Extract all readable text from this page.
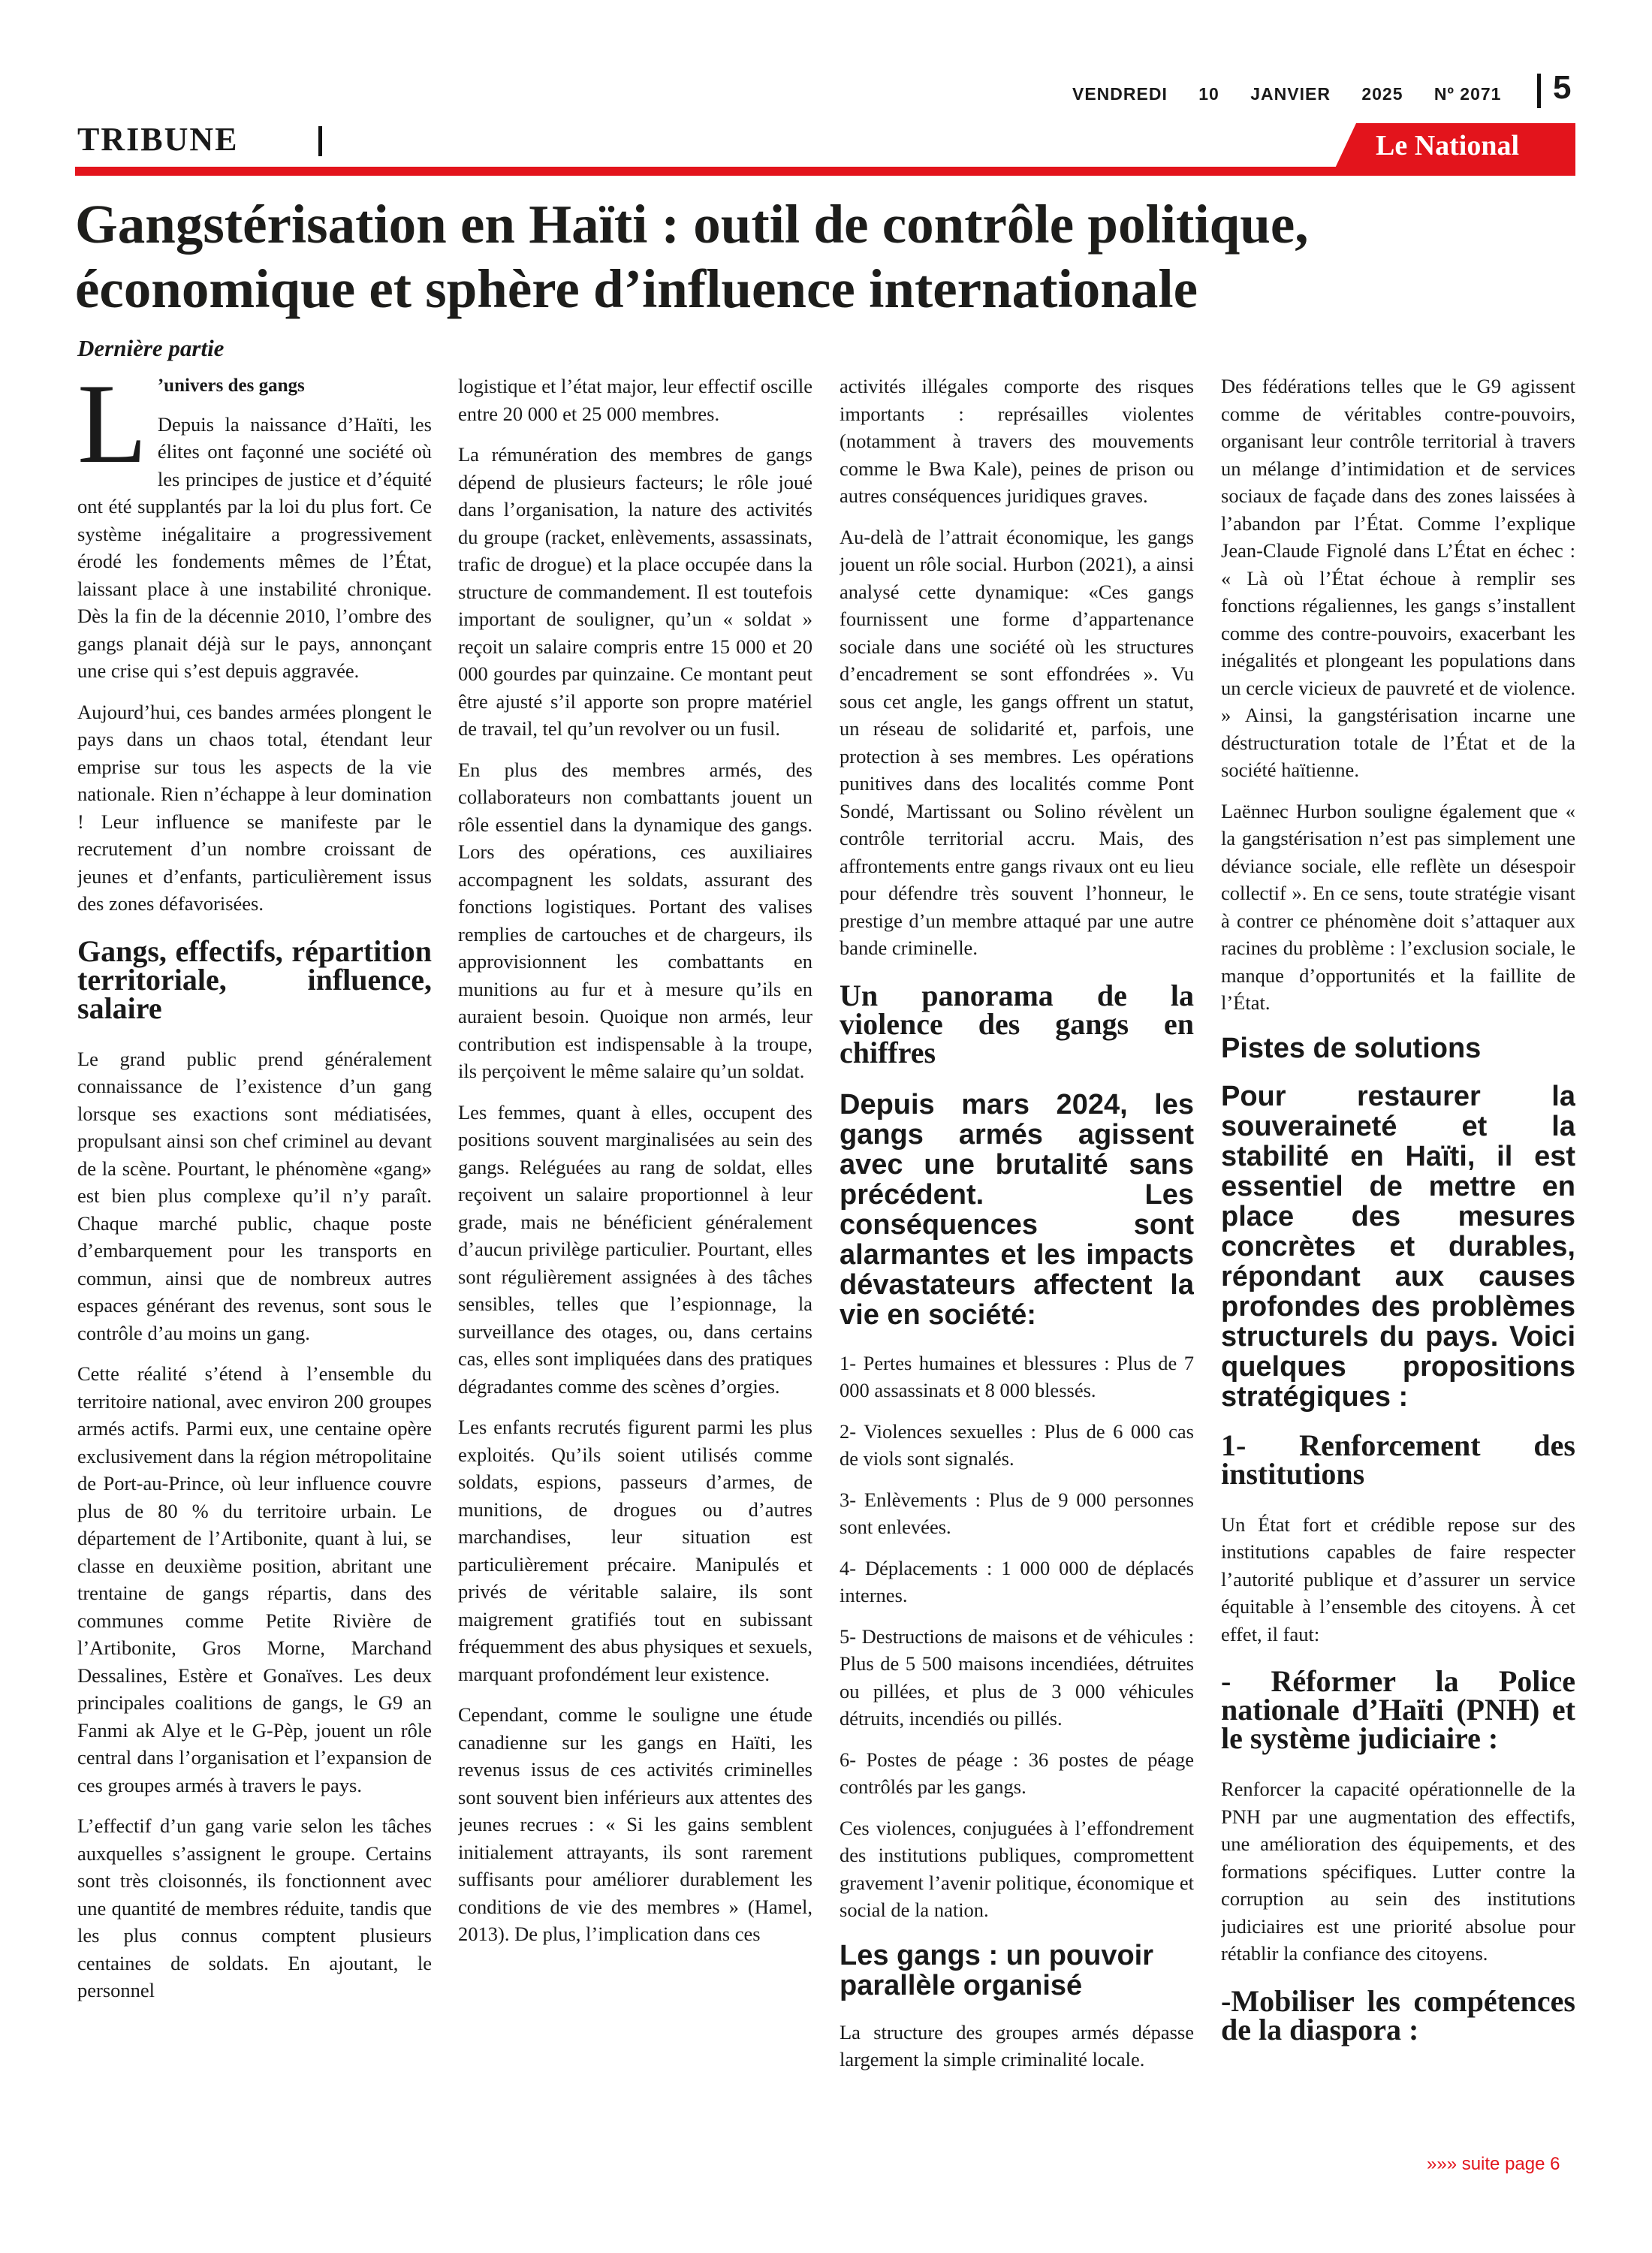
VENDREDI 10 JANVIER 2025 Nº 2071	5
TRIBUNE	Le National
Gangstérisation en Haïti : outil de contrôle politique, économique et sphère d’influence internationale
Dernière partie
L ’univers des gangs

Depuis la naissance d’Haïti, les élites ont façonné une société où les principes de justice et d’équité ont été supplantés par la loi du plus fort. Ce système inégalitaire a progressivement érodé les fondements mêmes de l’État, laissant place à une instabilité chronique. Dès la fin de la décennie 2010, l’ombre des gangs planait déjà sur le pays, annonçant une crise qui s’est depuis aggravée.

Aujourd’hui, ces bandes armées plongent le pays dans un chaos total, étendant leur emprise sur tous les aspects de la vie nationale. Rien n’échappe à leur domination ! Leur influence se manifeste par le recrutement d’un nombre croissant de jeunes et d’enfants, particulièrement issus des zones défavorisées.

Gangs, effectifs, répartition territoriale, influence, salaire

Le grand public prend généralement connaissance de l’existence d’un gang lorsque ses exactions sont médiatisées, propulsant ainsi son chef criminel au devant de la scène. Pourtant, le phénomène «gang» est bien plus complexe qu’il n’y paraît. Chaque marché public, chaque poste d’embarquement pour les transports en commun, ainsi que de nombreux autres espaces générant des revenus, sont sous le contrôle d’au moins un gang.

Cette réalité s’étend à l’ensemble du territoire national, avec environ 200 groupes armés actifs. Parmi eux, une centaine opère exclusivement dans la région métropolitaine de Port-au-Prince, où leur influence couvre plus de 80 % du territoire urbain. Le département de l’Artibonite, quant à lui, se classe en deuxième position, abritant une trentaine de gangs répartis, dans des communes comme Petite Rivière de l’Artibonite, Gros Morne, Marchand Dessalines, Estère et Gonaïves. Les deux principales coalitions de gangs, le G9 an Fanmi ak Alye et le G-Pèp, jouent un rôle central dans l’organisation et l’expansion de ces groupes armés à travers le pays.

L’effectif d’un gang varie selon les tâches auxquelles s’assignent le groupe. Certains sont très cloisonnés, ils fonctionnent avec une quantité de membres réduite, tandis que les plus connus comptent plusieurs centaines de soldats. En ajoutant, le personnel

logistique et l’état major, leur effectif oscille entre 20 000 et 25 000 membres.

La rémunération des membres de gangs dépend de plusieurs facteurs; le rôle joué dans l’organisation, la nature des activités du groupe (racket, enlèvements, assassinats, trafic de drogue) et la place occupée dans la structure de commandement. Il est toutefois important de souligner, qu’un « soldat » reçoit un salaire compris entre 15 000 et 20 000 gourdes par quinzaine. Ce montant peut être ajusté s’il apporte son propre matériel de travail, tel qu’un revolver ou un fusil.

En plus des membres armés, des collaborateurs non combattants jouent un rôle essentiel dans la dynamique des gangs. Lors des opérations, ces auxiliaires accompagnent les soldats, assurant des fonctions logistiques. Portant des valises remplies de cartouches et de chargeurs, ils approvisionnent les combattants en munitions au fur et à mesure qu’ils en auraient besoin. Quoique non armés, leur contribution est indispensable à la troupe, ils perçoivent le même salaire qu’un soldat.

Les femmes, quant à elles, occupent des positions souvent marginalisées au sein des gangs. Reléguées au rang de soldat, elles reçoivent un salaire proportionnel à leur grade, mais ne bénéficient généralement d’aucun privilège particulier. Pourtant, elles sont régulièrement assignées à des tâches sensibles, telles que l’espionnage, la surveillance des otages, ou, dans certains cas, elles sont impliquées dans des pratiques dégradantes comme des scènes d’orgies.

Les enfants recrutés figurent parmi les plus exploités. Qu’ils soient utilisés comme soldats, espions, passeurs d’armes, de munitions, de drogues ou d’autres marchandises, leur situation est particulièrement précaire. Manipulés et privés de véritable salaire, ils sont maigrement gratifiés tout en subissant fréquemment des abus physiques et sexuels, marquant profondément leur existence.

Cependant, comme le souligne une étude canadienne sur les gangs en Haïti, les revenus issus de ces activités criminelles sont souvent bien inférieurs aux attentes des jeunes recrues : « Si les gains semblent initialement attrayants, ils sont rarement suffisants pour améliorer durablement les conditions de vie des membres » (Hamel, 2013). De plus, l’implication dans ces

activités illégales comporte des risques importants : représailles violentes (notamment à travers des mouvements comme le Bwa Kale), peines de prison ou autres conséquences juridiques graves.

Au-delà de l’attrait économique, les gangs jouent un rôle social. Hurbon (2021), a ainsi analysé cette dynamique: «Ces gangs fournissent une forme d’appartenance sociale dans une société où les structures d’encadrement se sont effondrées ». Vu sous cet angle, les gangs offrent un statut, un réseau de solidarité et, parfois, une protection à ses membres. Les opérations punitives dans des localités comme Pont Sondé, Martissant ou Solino révèlent un contrôle territorial accru. Mais, des affrontements entre gangs rivaux ont eu lieu pour défendre très souvent l’honneur, le prestige d’un membre attaqué par une autre bande criminelle.

Un panorama de la violence des gangs en chiffres
Depuis mars 2024, les gangs armés agissent avec une brutalité sans précédent. Les conséquences sont alarmantes et les impacts dévastateurs affectent la vie en société:

1- Pertes humaines et blessures : Plus de 7 000 assassinats et 8 000 blessés.

2- Violences sexuelles : Plus de 6 000 cas de viols sont signalés.

3- Enlèvements : Plus de 9 000 personnes sont enlevées.

4- Déplacements : 1 000 000 de déplacés internes.

5- Destructions de maisons et de véhicules : Plus de 5 500 maisons incendiées, détruites ou pillées, et plus de 3 000 véhicules détruits, incendiés ou pillés.

6- Postes de péage : 36 postes de péage contrôlés par les gangs.

Ces violences, conjuguées à l’effondrement des institutions publiques, compromettent gravement l’avenir politique, économique et social de la nation.

Les gangs : un pouvoir parallèle organisé

La structure des groupes armés dépasse largement la simple criminalité locale.

Des fédérations telles que le G9 agissent comme de véritables contre-pouvoirs, organisant leur contrôle territorial à travers un mélange d’intimidation et de services sociaux de façade dans des zones laissées à l’abandon par l’État. Comme l’explique Jean-Claude Fignolé dans L’État en échec : « Là où l’État échoue à remplir ses fonctions régaliennes, les gangs s’installent comme des contre-pouvoirs, exacerbant les inégalités et plongeant les populations dans un cercle vicieux de pauvreté et de violence. » Ainsi, la gangstérisation incarne une déstructuration totale de l’État et de la société haïtienne.

Laënnec Hurbon souligne également que « la gangstérisation n’est pas simplement une déviance sociale, elle reflète un désespoir collectif ». En ce sens, toute stratégie visant à contrer ce phénomène doit s’attaquer aux racines du problème : l’exclusion sociale, le manque d’opportunités et la faillite de l’État.

Pistes de solutions
Pour restaurer la souveraineté et la stabilité en Haïti, il est essentiel de mettre en place des mesures concrètes et durables, répondant aux causes profondes des problèmes structurels du pays. Voici quelques propositions stratégiques :
1- Renforcement des institutions

Un État fort et crédible repose sur des institutions capables de faire respecter l’autorité publique et d’assurer un service équitable à l’ensemble des citoyens. À cet effet, il faut:

- Réformer la Police nationale d’Haïti (PNH) et le système judiciaire :

Renforcer la capacité opérationnelle de la PNH par une augmentation des effectifs, une amélioration des équipements, et des formations spécifiques. Lutter contre la corruption au sein des institutions judiciaires est une priorité absolue pour rétablir la confiance des citoyens.

-Mobiliser les compétences de la diaspora :
»»» suite page 6
